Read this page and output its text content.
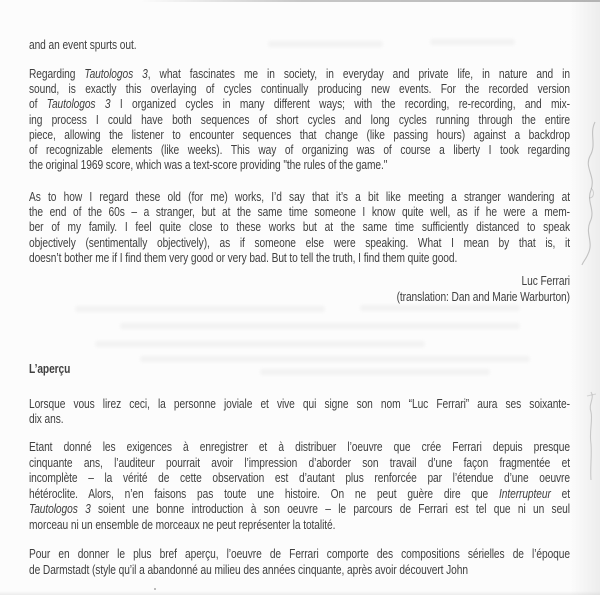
and an event spurts out.
Regarding Tautologos 3, what fascinates me in society, in everyday and private life, in nature and in
sound, is exactly this overlaying of cycles continually producing new events. For the recorded version
of Tautologos 3 I organized cycles in many different ways; with the recording, re-recording, and mix-
ing process I could have both sequences of short cycles and long cycles running through the entire
piece, allowing the listener to encounter sequences that change (like passing hours) against a backdrop
of recognizable elements (like weeks). This way of organizing was of course a liberty I took regarding
the original 1969 score, which was a text-score providing "the rules of the game."
As to how I regard these old (for me) works, I’d say that it’s a bit like meeting a stranger wandering at
the end of the 60s – a stranger, but at the same time someone I know quite well, as if he were a mem-
ber of my family. I feel quite close to these works but at the same time sufficiently distanced to speak
objectively (sentimentally objectively), as if someone else were speaking. What I mean by that is, it
doesn’t bother me if I find them very good or very bad. But to tell the truth, I find them quite good.
Luc Ferrari
(translation: Dan and Marie Warburton)
L’aperçu
Lorsque vous lirez ceci, la personne joviale et vive qui signe son nom “Luc Ferrari” aura ses soixante-
dix ans.
Etant donné les exigences à enregistrer et à distribuer l’oeuvre que crée Ferrari depuis presque
cinquante ans, l’auditeur pourrait avoir l’impression d’aborder son travail d’une façon fragmentée et
incomplète – la vérité de cette observation est d’autant plus renforcée par l’étendue d’une oeuvre
hétéroclite. Alors, n’en faisons pas toute une histoire. On ne peut guère dire que Interrupteur et
Tautologos 3 soient une bonne introduction à son oeuvre – le parcours de Ferrari est tel que ni un seul
morceau ni un ensemble de morceaux ne peut représenter la totalité.
Pour en donner le plus bref aperçu, l’oeuvre de Ferrari comporte des compositions sérielles de l’époque
de Darmstadt (style qu’il a abandonné au milieu des années cinquante, après avoir découvert John
